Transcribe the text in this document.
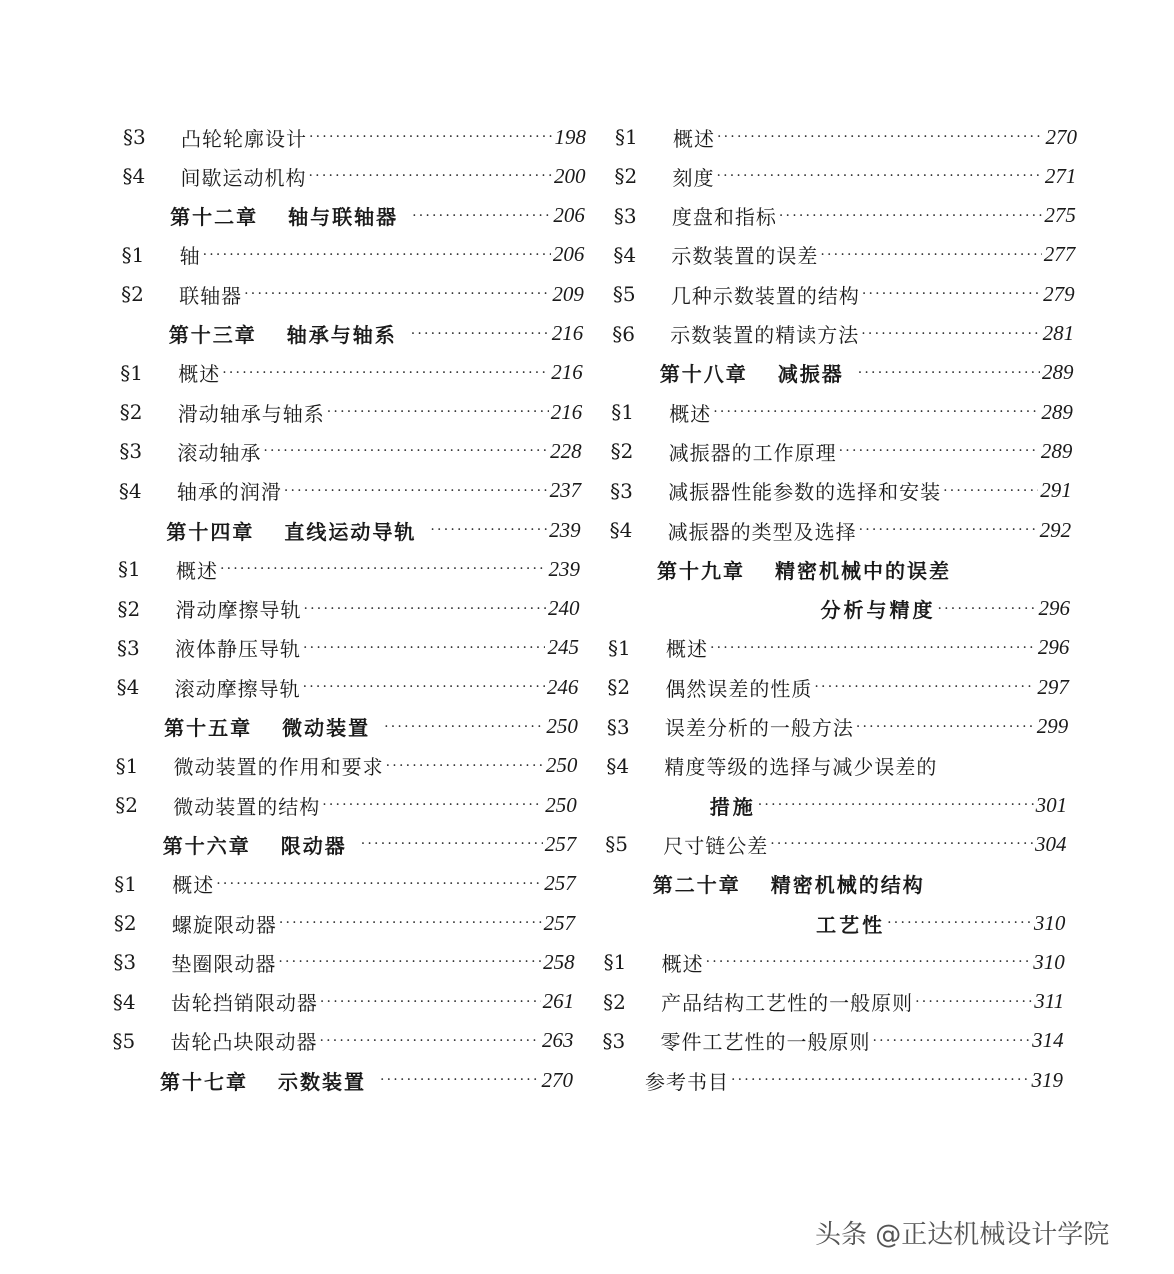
§3	凸轮轮廓设计 ·····	198
§4	间歇运动机构 ·····	200
第十二章 轴与联轴器 ·····	206
§1	轴 ·····	206
§2	联轴器 ·····	209
第十三章 轴承与轴系 ·····	216
§1	概述 ·····	216
§2	滑动轴承与轴系 ·····	216
§3	滚动轴承 ·····	228
§4	轴承的润滑 ·····	237
第十四章 直线运动导轨 ·····	239
§1	概述 ·····	239
§2	滑动摩擦导轨 ·····	240
§3	液体静压导轨 ·····	245
§4	滚动摩擦导轨 ·····	246
第十五章 微动装置 ·····	250
§1	微动装置的作用和要求 ·····	250
§2	微动装置的结构 ·····	250
第十六章 限动器 ·····	257
§1	概述 ·····	257
§2	螺旋限动器 ·····	257
§3	垫圈限动器 ·····	258
§4	齿轮挡销限动器 ·····	261
§5	齿轮凸块限动器 ·····	263
第十七章 示数装置 ·····	270
§1	概述 ·····	270
§2	刻度 ·····	271
§3	度盘和指标 ·····	275
§4	示数装置的误差 ·····	277
§5	几种示数装置的结构 ·····	279
§6	示数装置的精读方法 ·····	281
第十八章 减振器 ·····	289
§1	概述 ·····	289
§2	减振器的工作原理 ·····	289
§3	减振器性能参数的选择和安装 ·····	291
§4	减振器的类型及选择 ·····	292
第十九章 精密机械中的误差
分析与精度 ·····	296
§1	概述 ·····	296
§2	偶然误差的性质 ·····	297
§3	误差分析的一般方法 ·····	299
§4	精度等级的选择与减少误差的
措施 ·····	301
§5	尺寸链公差 ·····	304
第二十章 精密机械的结构
工艺性 ·····	310
§1	概述 ·····	310
§2	产品结构工艺性的一般原则 ·····	311
§3	零件工艺性的一般原则 ·····	314
参考书目 ·····	319
头条 @正达机械设计学院
